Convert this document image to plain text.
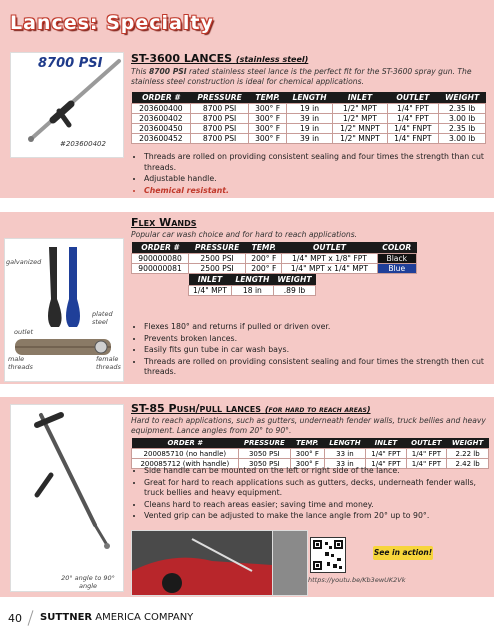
Lances: Specialty
8700 PSI
#203600402
ST-3600 LANCES (stainless steel)

This 8700 PSI rated stainless steel lance is the perfect fit for the ST-3600 spray gun. The stainless steel construction is ideal for chemical applications.

ORDER #	PRESSURE	TEMP.	LENGTH	INLET	OUTLET	WEIGHT
203600400	8700 PSI	300° F	19 in	1/2" MPT	1/4" FPT	2.35 lb
203600402	8700 PSI	300° F	39 in	1/2" MPT	1/4" FPT	3.00 lb
203600450	8700 PSI	300° F	19 in	1/2" MNPT	1/4" FNPT	2.35 lb
203600452	8700 PSI	300° F	39 in	1/2" MNPT	1/4" FNPT	3.00 lb
• Threads are rolled on providing consistent sealing and four times the strength than cut threads.
• Adjustable handle.
• Chemical resistant.
galvanized
plated steel
outlet
male threads
female threads
Flex Wands

Popular car wash choice and for hard to reach applications.

ORDER #	PRESSURE	TEMP.	OUTLET	COLOR
900000080	2500 PSI	200° F	1/4" MPT x 1/8" FPT	Black
900000081	2500 PSI	200° F	1/4" MPT x 1/4" MPT	Blue
INLET	LENGTH	WEIGHT
1/4" MPT	18 in	.89 lb
• Flexes 180° and returns if pulled or driven over.
• Prevents broken lances.
• Easily fits gun tube in car wash bays.
• Threads are rolled on providing consistent sealing and four times the strength then cut threads.
20° angle to 90° angle
ST-85 Push/pull lances (for hard to reach areas)

Hard to reach applications, such as gutters, underneath fender walls, truck bellies and heavy equipment. Lance angles from 20° to 90°.

ORDER #	PRESSURE	TEMP.	LENGTH	INLET	OUTLET	WEIGHT
200085710 (no handle)	3050 PSI	300° F	33 in	1/4" FPT	1/4" FPT	2.22 lb
200085712 (with handle)	3050 PSI	300° F	33 in	1/4" FPT	1/4" FPT	2.42 lb
• Side handle can be mounted on the left or right side of the lance.
• Great for hard to reach applications such as gutters, decks, underneath fender walls, truck bellies and heavy equipment.
• Cleans hard to reach areas easier; saving time and money.
• Vented grip can be adjusted to make the lance angle from 20° up to 90°.
See in action!
https://youtu.be/Kb3ewUK2Vk
40 SUTTNER AMERICA COMPANY
